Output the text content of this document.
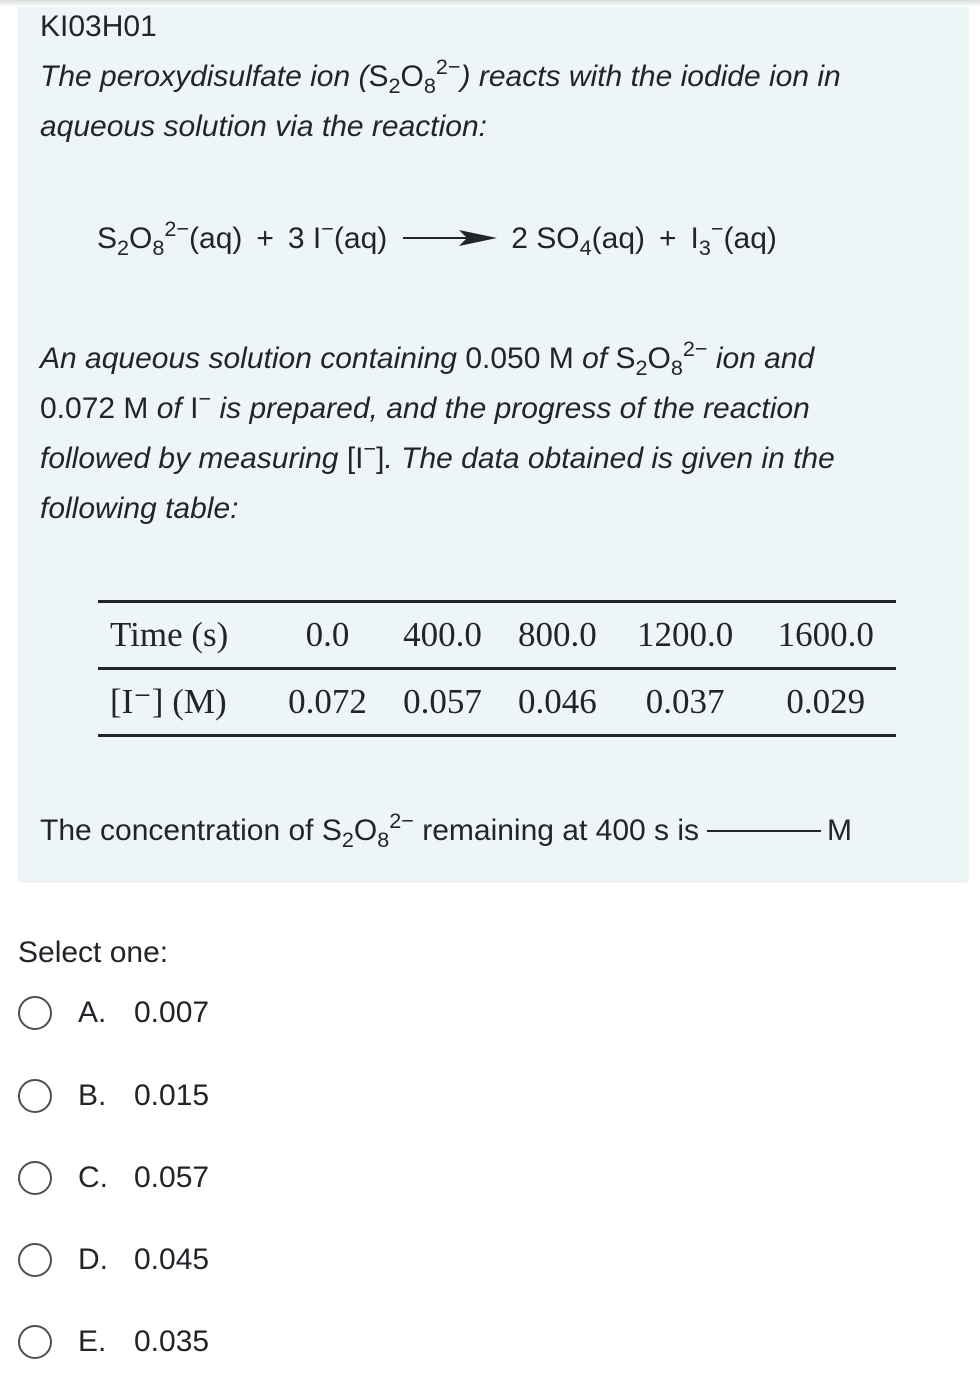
KI03H01
The peroxydisulfate ion $(S_2O_8^{2-})$ reacts with the iodide ion in
aqueous solution via the reaction:
$S_2O_8^{2-}(aq) + 3$ I−(aq)	2 $SO_4(aq) + I_3^-(aq)$
An aqueous solution containing 0.050 M of $S_2O_8^{2-}$ ion and
0.072 M of I− is prepared, and the progress of the reaction
followed by measuring [I−]. The data obtained is given in the
following table:
Time (s)	0.0	400.0	800.0	1200.0	1600.0
[I⁻] (M)	0.072	0.057	0.046	0.037	0.029
The concentration of $S_2O_8^{2-}$ remaining at 400 s is	M
Select one:
A. 0.007
B. 0.015
C. 0.057
D. 0.045
E. 0.035
